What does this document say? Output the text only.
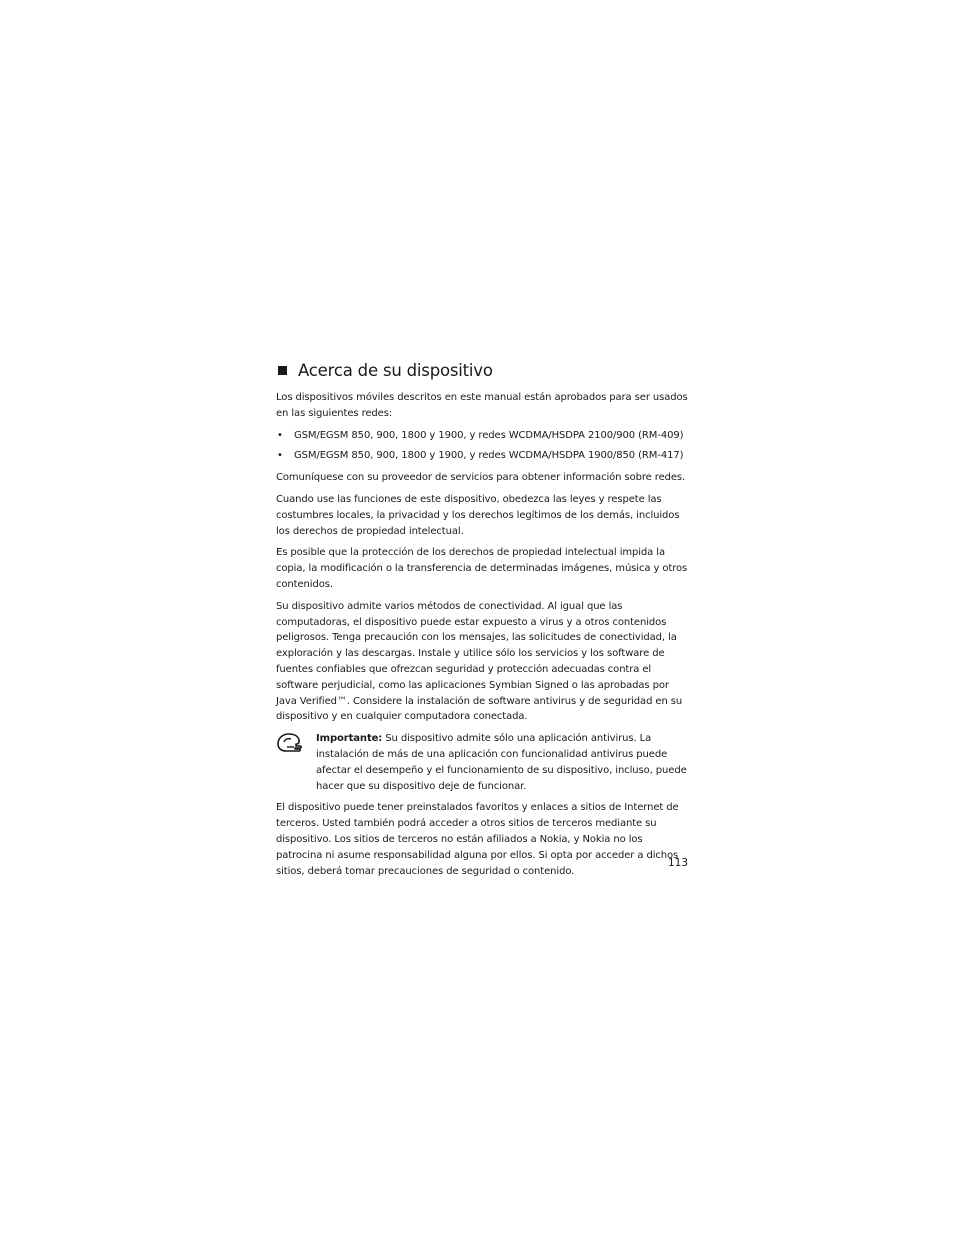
Acerca de su dispositivo

Los dispositivos móviles descritos en este manual están aprobados para ser usados en las siguientes redes:

•	GSM/EGSM 850, 900, 1800 y 1900, y redes WCDMA/HSDPA 2100/900 (RM-409)
•	GSM/EGSM 850, 900, 1800 y 1900, y redes WCDMA/HSDPA 1900/850 (RM-417)

Comuníquese con su proveedor de servicios para obtener información sobre redes.

Cuando use las funciones de este dispositivo, obedezca las leyes y respete las costumbres locales, la privacidad y los derechos legítimos de los demás, incluidos los derechos de propiedad intelectual.

Es posible que la protección de los derechos de propiedad intelectual impida la copia, la modificación o la transferencia de determinadas imágenes, música y otros contenidos.

Su dispositivo admite varios métodos de conectividad. Al igual que las computadoras, el dispositivo puede estar expuesto a virus y a otros contenidos peligrosos. Tenga precaución con los mensajes, las solicitudes de conectividad, la exploración y las descargas. Instale y utilice sólo los servicios y los software de fuentes confiables que ofrezcan seguridad y protección adecuadas contra el software perjudicial, como las aplicaciones Symbian Signed o las aprobadas por Java Verified™. Considere la instalación de software antivirus y de seguridad en su dispositivo y en cualquier computadora conectada.

Importante: Su dispositivo admite sólo una aplicación antivirus. La instalación de más de una aplicación con funcionalidad antivirus puede afectar el desempeño y el funcionamiento de su dispositivo, incluso, puede hacer que su dispositivo deje de funcionar.

El dispositivo puede tener preinstalados favoritos y enlaces a sitios de Internet de terceros. Usted también podrá acceder a otros sitios de terceros mediante su dispositivo. Los sitios de terceros no están afiliados a Nokia, y Nokia no los patrocina ni asume responsabilidad alguna por ellos. Si opta por acceder a dichos sitios, deberá tomar precauciones de seguridad o contenido.

113
